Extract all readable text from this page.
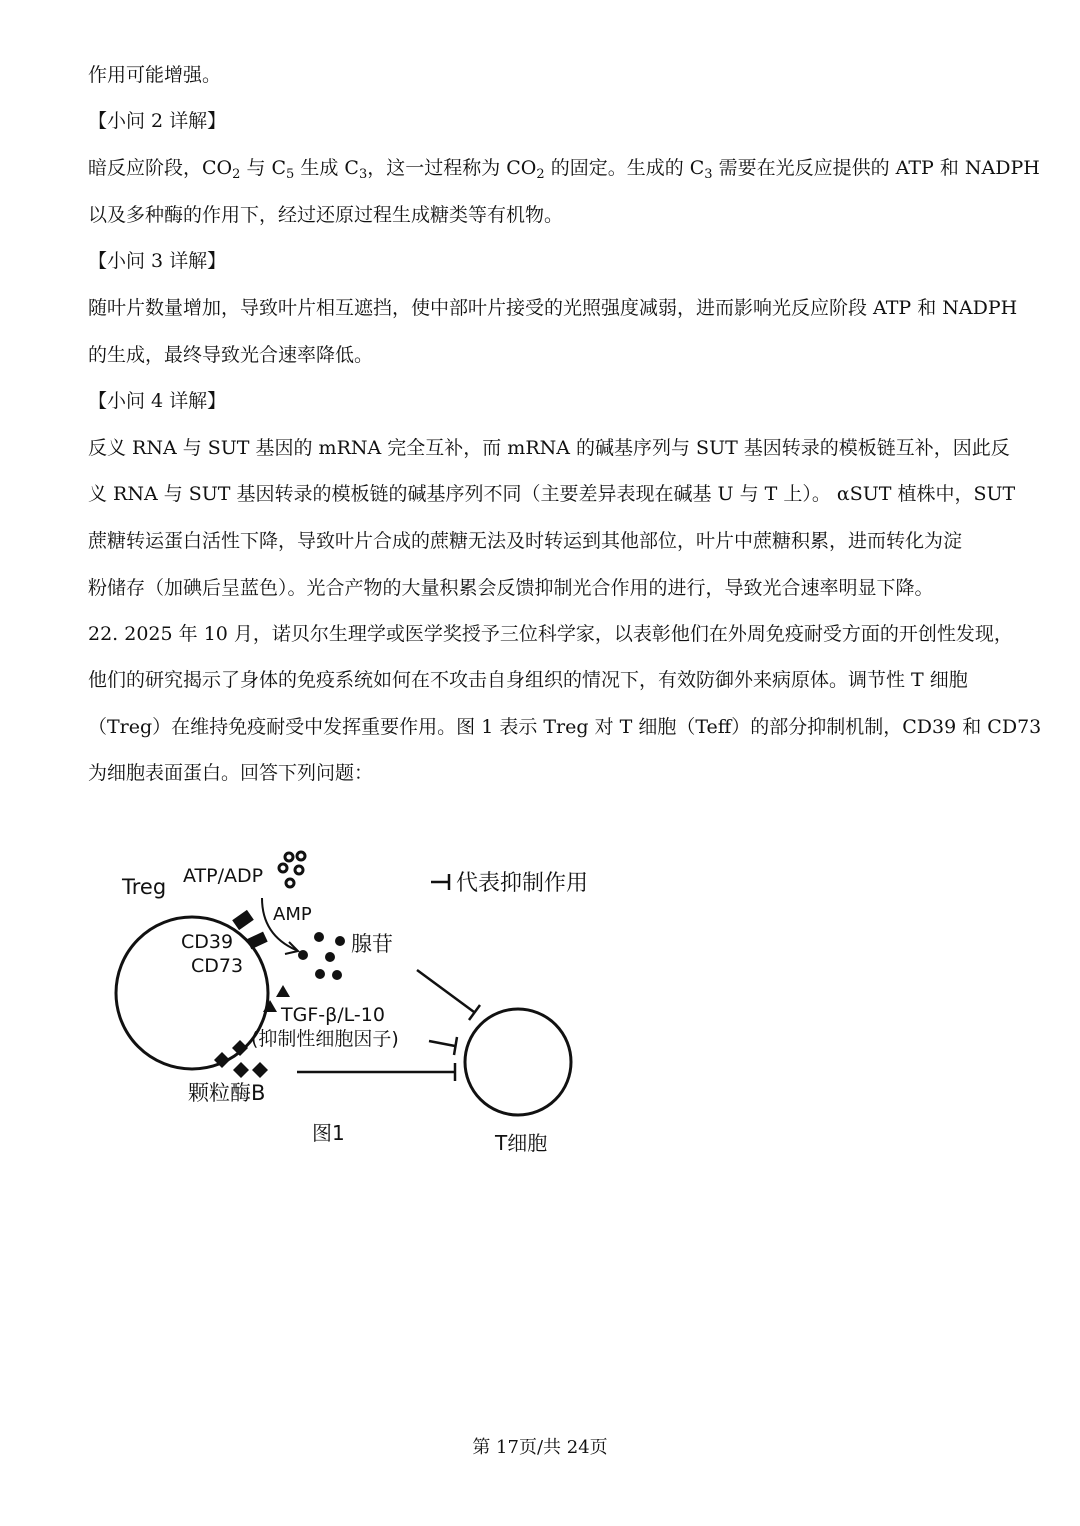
作用可能增强。
【小问 2 详解】
暗反应阶段，$CO_2$ 与 $C_5$ 生成 $C_3$，这一过程称为 $CO_2$ 的固定。生成的 $C_3$ 需要在光反应提供的 ATP 和 NADPH
以及多种酶的作用下，经过还原过程生成糖类等有机物。
【小问 3 详解】
随叶片数量增加，导致叶片相互遮挡，使中部叶片接受的光照强度减弱，进而影响光反应阶段 ATP 和 NADPH
的生成，最终导致光合速率降低。
【小问 4 详解】
反义 RNA 与 SUT 基因的 mRNA 完全互补，而 mRNA 的碱基序列与 SUT 基因转录的模板链互补，因此反
义 RNA 与 SUT 基因转录的模板链的碱基序列不同（主要差异表现在碱基 U 与 T 上）。 αSUT 植株中，SUT
蔗糖转运蛋白活性下降，导致叶片合成的蔗糖无法及时转运到其他部位，叶片中蔗糖积累，进而转化为淀
粉储存（加碘后呈蓝色）。光合产物的大量积累会反馈抑制光合作用的进行，导致光合速率明显下降。
22. 2025 年 10 月，诺贝尔生理学或医学奖授予三位科学家，以表彰他们在外周免疫耐受方面的开创性发现，
他们的研究揭示了身体的免疫系统如何在不攻击自身组织的情况下，有效防御外来病原体。调节性 T 细胞
（Treg）在维持免疫耐受中发挥重要作用。图 1 表示 Treg 对 T 细胞（Teff）的部分抑制机制，CD39 和 CD73
为细胞表面蛋白。回答下列问题：
Treg ATP/ADP
CD39
CD73
AMP
腺苷
代表抑制作用
TGF-β/L-10
(抑制性细胞因子)
颗粒酶B
T细胞
图1
第 17页/共 24页
